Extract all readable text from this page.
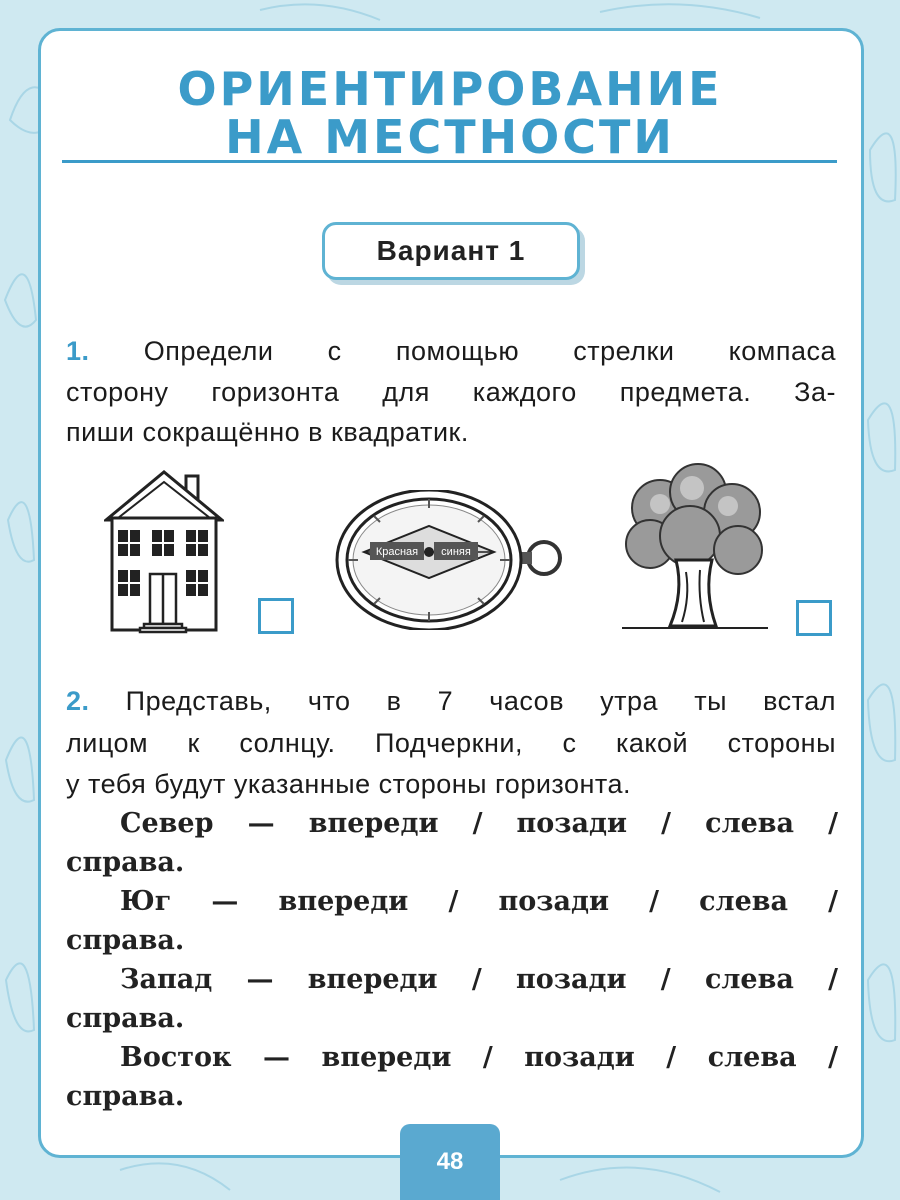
ОРИЕНТИРОВАНИЕ
НА МЕСТНОСТИ
Вариант 1
1. Определи с помощью стрелки компаса
сторону горизонта для каждого предмета. За-
пиши сокращённо в квадратик.
Красная синяя
2. Представь, что в 7 часов утра ты встал
лицом к солнцу. Подчеркни, с какой стороны
у тебя будут указанные стороны горизонта.
Север — впереди / позади / слева /
справа.
Юг — впереди / позади / слева /
справа.
Запад — впереди / позади / слева /
справа.
Восток — впереди / позади / слева /
справа.
48
